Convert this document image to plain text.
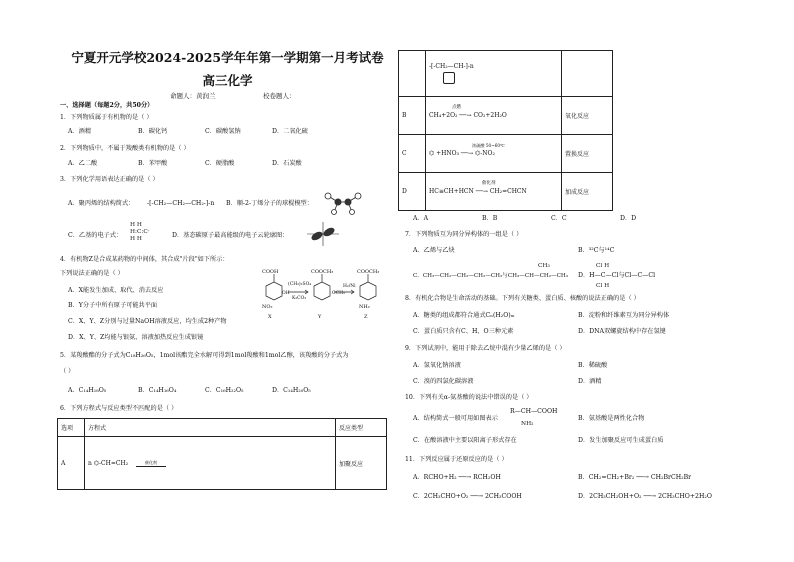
宁夏开元学校2024-2025学年年第一学期第一月考试卷
高三化学
命题人：黄润兰	校卷题人：
一、选择题（每题2分，共50分）
1．下列物质属于有机物的是（ ）
A．酒精	B．碳化钙	C．碳酸氢钠	D．二氧化硫
2．下列物质中，不属于羧酸类有机物的是（ ）
A．乙二酸	B．苯甲酸	C．硬脂酸	D．石炭酸
3．下列化学用语表达正确的是（ ）
A．聚丙烯的结构简式： -[-CH₂—CH₂—CH₂-]-n B．顺-2-丁烯分子的球棍模型：
C．乙基的电子式：
H H
H:C:C·
H H	D．基态碳原子最高能级的电子云轮廓图：
4．有机物Z是合成某药物的中间体，其合成"片段"如下所示：
下列说法正确的是（ ）
A．X能发生加成、取代、消去反应
B．Y分子中所有原子可能共平面
C．X、Y、Z分别与过量NaOH溶液反应，均生成2种产物
D．X、Y、Z均能与银氨、溶液加热反应生成银镜
COOH	COOCH₃	COOCH₃
(CH₃)₂SO₄
K₂CO₃
H₂/Ni
NO₂
X	Y
NH₂
Z
OH	OCH₃
5．某羧酸酯的分子式为C₁₈H₂₆O₅，1mol该酯完全水解可得到1mol羧酸和1mol乙醇，该羧酸的分子式为
（ ）
A．C₁₄H₁₈O₅	B．C₁₄H₁₆O₄	C．C₁₆H₂₂O₅	D．C₁₄H₂₀O₅
6．下列方程式与反应类型不匹配的是（ ）
选项	方程式	反应类型
A	n ⌬-CH=CH₂ 催化剂	加聚反应
	-[-CH₂—CH-]-n

B	CH₄+2O₂ ──→ CO₂+2H₂O	氧化反应
C	⌬ +HNO₃ ──→ ⌬-NO₂	置换反应
D	HC≡CH+HCN ──→ CH₂=CHCN	加成反应
点燃
浓硫酸 50~60℃
催化剂
A．A	B．B	C．C	D．D
7．下列物质互为同分异构体的一组是（ ）
A．乙烯与乙炔	B．³²C与¹⁴C
CH₃
C．CH₃—CH₂—CH₂—CH₂—CH₃与CH₃—CH—CH₂—CH₃
Cl H
D．H—C—Cl与Cl—C—Cl
Cl H
8．有机化合物是生命活动的基础。下列有关糖类、蛋白质、核酸的说法正确的是（ ）
A．糖类的组成都符合通式Cₙ(H₂O)ₘ	B．淀粉和纤维素互为同分异构体
C．蛋白质只含有C、H、O三种元素	D．DNA双螺旋结构中存在氢键
9．下列试剂中，能用于除去乙烷中混有少量乙烯的是（ ）
A．氢氧化钠溶液	B．稀硫酸
C．溴的四氯化碳溶液	D．酒精
10．下列有关α-氨基酸的说法中错误的是（ ）
A．结构简式一般可用如图表示
R—CH—COOH
NH₂
B．氨基酸是两性化合物
C．在酸溶液中主要以阳离子形式存在	D．发生加聚反应可生成蛋白质
11．下列反应属于还原反应的是（ ）
A．RCHO+H₂ ──→ RCH₂OH	B．CH₂=CH₂+Br₂ ──→ CH₂BrCH₂Br
C．2CH₃CHO+O₂ ──→ 2CH₃COOH	D．2CH₃CH₂OH+O₂ ──→ 2CH₃CHO+2H₂O
